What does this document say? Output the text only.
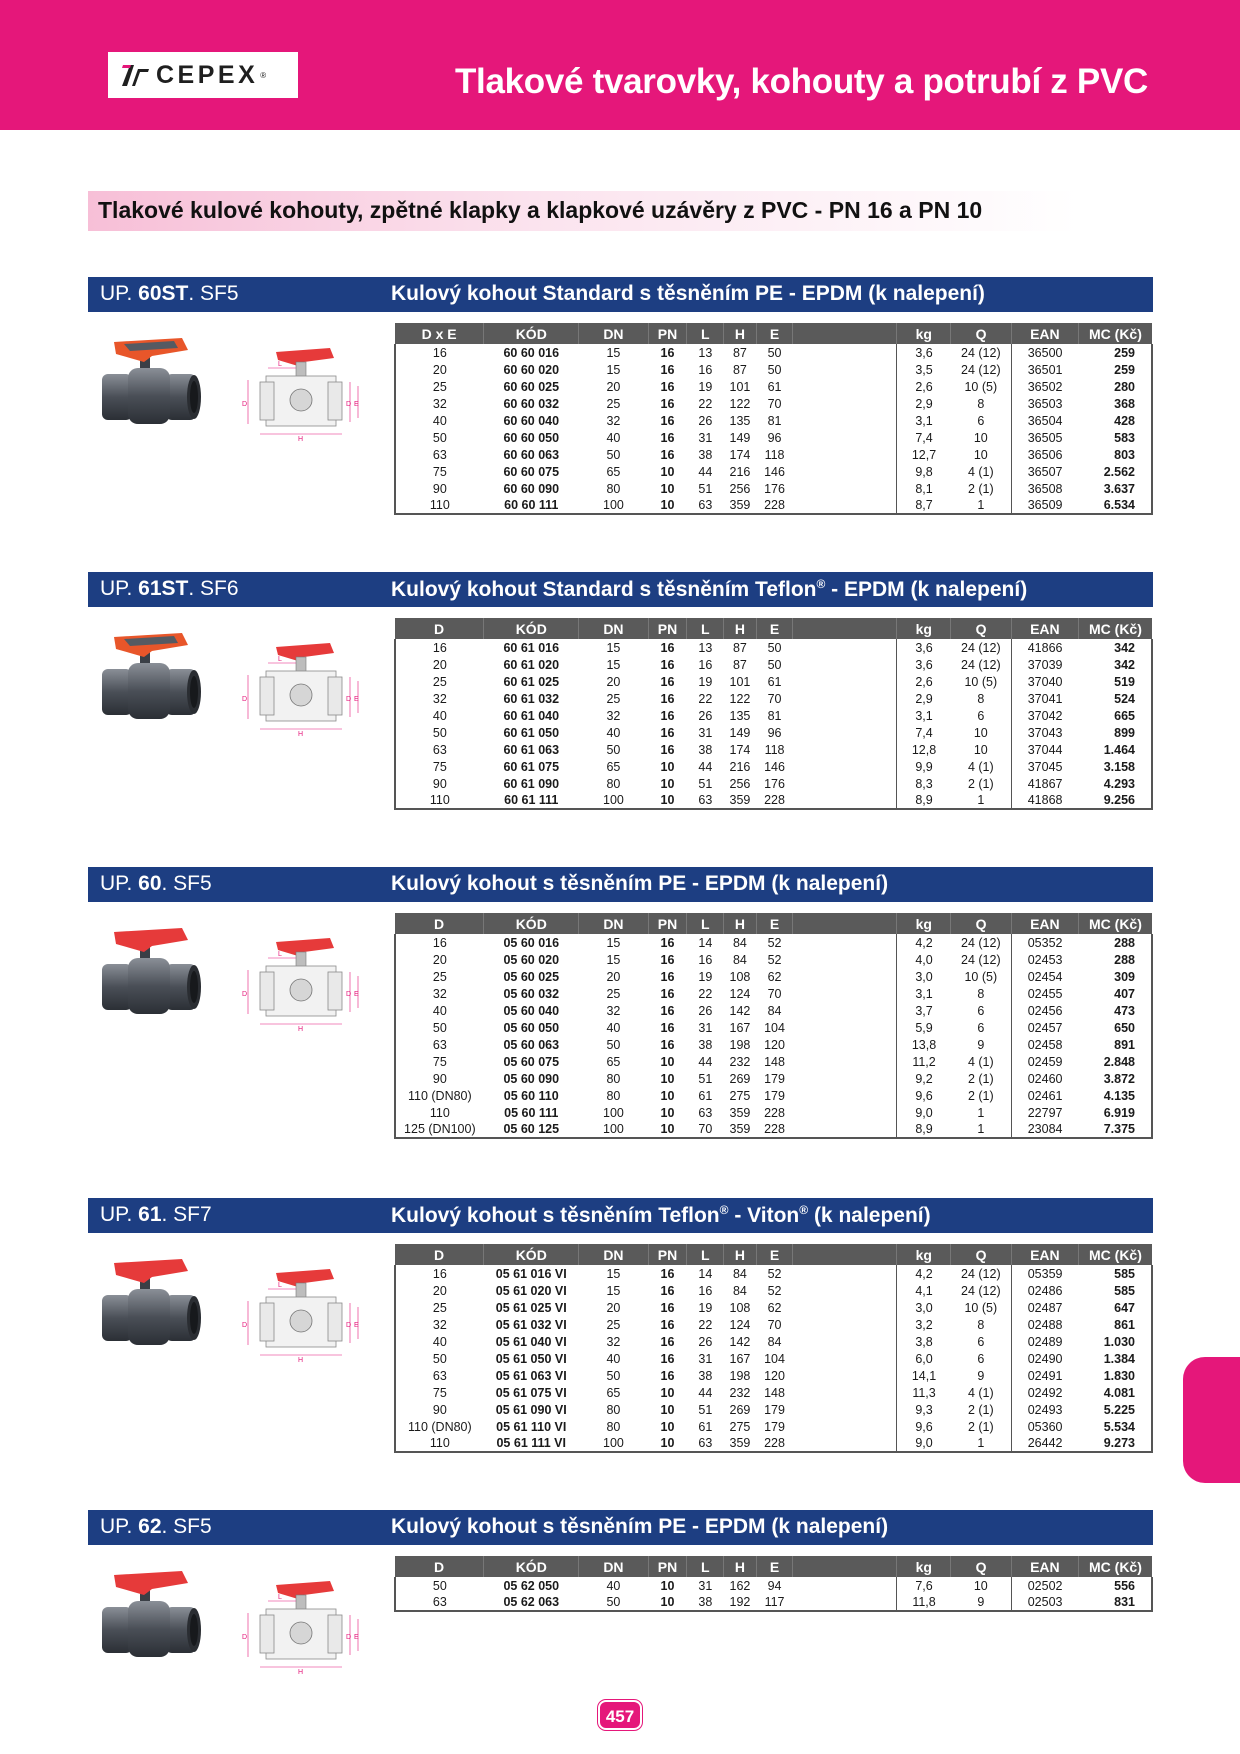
CEPEX ®	Tlakové tvarovky, kohouty a potrubí z PVC
Tlakové kulové kohouty, zpětné klapky a klapkové uzávěry z PVC - PN 16 a PN 10
UP. 60ST. SF5	Kulový kohout Standard s těsněním PE - EPDM (k nalepení)
D	D E
H
L
D x E	KÓD	DN	PN	L	H	E		kg	Q	EAN	MC (Kč)
16	60 60 016	15	16	13	87	50		3,6	24 (12)	36500	259
20	60 60 020	15	16	16	87	50		3,5	24 (12)	36501	259
25	60 60 025	20	16	19	101	61		2,6	10 (5)	36502	280
32	60 60 032	25	16	22	122	70		2,9	8	36503	368
40	60 60 040	32	16	26	135	81		3,1	6	36504	428
50	60 60 050	40	16	31	149	96		7,4	10	36505	583
63	60 60 063	50	16	38	174	118		12,7	10	36506	803
75	60 60 075	65	10	44	216	146		9,8	4 (1)	36507	2.562
90	60 60 090	80	10	51	256	176		8,1	2 (1)	36508	3.637
110	60 60 111	100	10	63	359	228		8,7	1	36509	6.534
UP. 61ST. SF6	Kulový kohout Standard s těsněním Teflon® - EPDM (k nalepení)
D	D E
H
L
D	KÓD	DN	PN	L	H	E		kg	Q	EAN	MC (Kč)
16	60 61 016	15	16	13	87	50		3,6	24 (12)	41866	342
20	60 61 020	15	16	16	87	50		3,6	24 (12)	37039	342
25	60 61 025	20	16	19	101	61		2,6	10 (5)	37040	519
32	60 61 032	25	16	22	122	70		2,9	8	37041	524
40	60 61 040	32	16	26	135	81		3,1	6	37042	665
50	60 61 050	40	16	31	149	96		7,4	10	37043	899
63	60 61 063	50	16	38	174	118		12,8	10	37044	1.464
75	60 61 075	65	10	44	216	146		9,9	4 (1)	37045	3.158
90	60 61 090	80	10	51	256	176		8,3	2 (1)	41867	4.293
110	60 61 111	100	10	63	359	228		8,9	1	41868	9.256
UP. 60. SF5	Kulový kohout s těsněním PE - EPDM (k nalepení)
D	D E
H
L
D	KÓD	DN	PN	L	H	E		kg	Q	EAN	MC (Kč)
16	05 60 016	15	16	14	84	52		4,2	24 (12)	05352	288
20	05 60 020	15	16	16	84	52		4,0	24 (12)	02453	288
25	05 60 025	20	16	19	108	62		3,0	10 (5)	02454	309
32	05 60 032	25	16	22	124	70		3,1	8	02455	407
40	05 60 040	32	16	26	142	84		3,7	6	02456	473
50	05 60 050	40	16	31	167	104		5,9	6	02457	650
63	05 60 063	50	16	38	198	120		13,8	9	02458	891
75	05 60 075	65	10	44	232	148		11,2	4 (1)	02459	2.848
90	05 60 090	80	10	51	269	179		9,2	2 (1)	02460	3.872
110 (DN80)	05 60 110	80	10	61	275	179		9,6	2 (1)	02461	4.135
110	05 60 111	100	10	63	359	228		9,0	1	22797	6.919
125 (DN100)	05 60 125	100	10	70	359	228		8,9	1	23084	7.375
UP. 61. SF7	Kulový kohout s těsněním Teflon® - Viton® (k nalepení)
D	D E
H
L
D	KÓD	DN	PN	L	H	E		kg	Q	EAN	MC (Kč)
16	05 61 016 VI	15	16	14	84	52		4,2	24 (12)	05359	585
20	05 61 020 VI	15	16	16	84	52		4,1	24 (12)	02486	585
25	05 61 025 VI	20	16	19	108	62		3,0	10 (5)	02487	647
32	05 61 032 VI	25	16	22	124	70		3,2	8	02488	861
40	05 61 040 VI	32	16	26	142	84		3,8	6	02489	1.030
50	05 61 050 VI	40	16	31	167	104		6,0	6	02490	1.384
63	05 61 063 VI	50	16	38	198	120		14,1	9	02491	1.830
75	05 61 075 VI	65	10	44	232	148		11,3	4 (1)	02492	4.081
90	05 61 090 VI	80	10	51	269	179		9,3	2 (1)	02493	5.225
110 (DN80)	05 61 110 VI	80	10	61	275	179		9,6	2 (1)	05360	5.534
110	05 61 111 VI	100	10	63	359	228		9,0	1	26442	9.273
UP. 62. SF5	Kulový kohout s těsněním PE - EPDM (k nalepení)
D	D E
H
L
D	KÓD	DN	PN	L	H	E		kg	Q	EAN	MC (Kč)
50	05 62 050	40	10	31	162	94		7,6	10	02502	556
63	05 62 063	50	10	38	192	117		11,8	9	02503	831
457
